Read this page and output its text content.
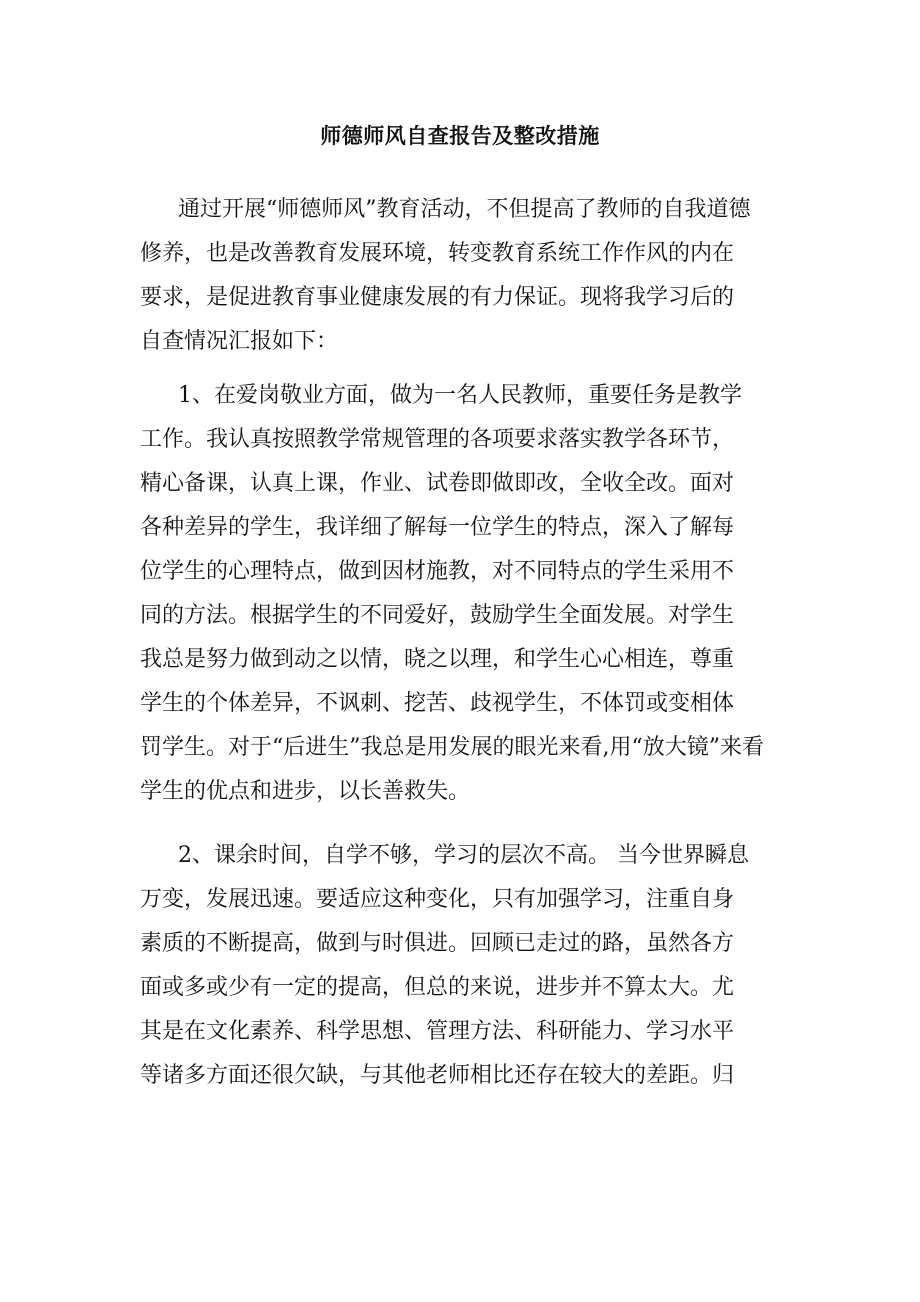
师德师风自查报告及整改措施
通过开展“师德师风”教育活动，不但提高了教师的自我道德
修养，也是改善教育发展环境，转变教育系统工作作风的内在
要求，是促进教育事业健康发展的有力保证。现将我学习后的
自查情况汇报如下：
1、在爱岗敬业方面，做为一名人民教师，重要任务是教学
工作。我认真按照教学常规管理的各项要求落实教学各环节，
精心备课，认真上课，作业、试卷即做即改，全收全改。面对
各种差异的学生，我详细了解每一位学生的特点，深入了解每
位学生的心理特点，做到因材施教，对不同特点的学生采用不
同的方法。根据学生的不同爱好，鼓励学生全面发展。对学生
我总是努力做到动之以情，晓之以理，和学生心心相连，尊重
学生的个体差异，不讽刺、挖苦、歧视学生，不体罚或变相体
罚学生。对于“后进生”我总是用发展的眼光来看,用“放大镜”来看
学生的优点和进步，以长善救失。
2、课余时间，自学不够，学习的层次不高。 当今世界瞬息
万变，发展迅速。要适应这种变化，只有加强学习，注重自身
素质的不断提高，做到与时俱进。回顾已走过的路，虽然各方
面或多或少有一定的提高，但总的来说，进步并不算太大。尤
其是在文化素养、科学思想、管理方法、科研能力、学习水平
等诸多方面还很欠缺，与其他老师相比还存在较大的差距。归
